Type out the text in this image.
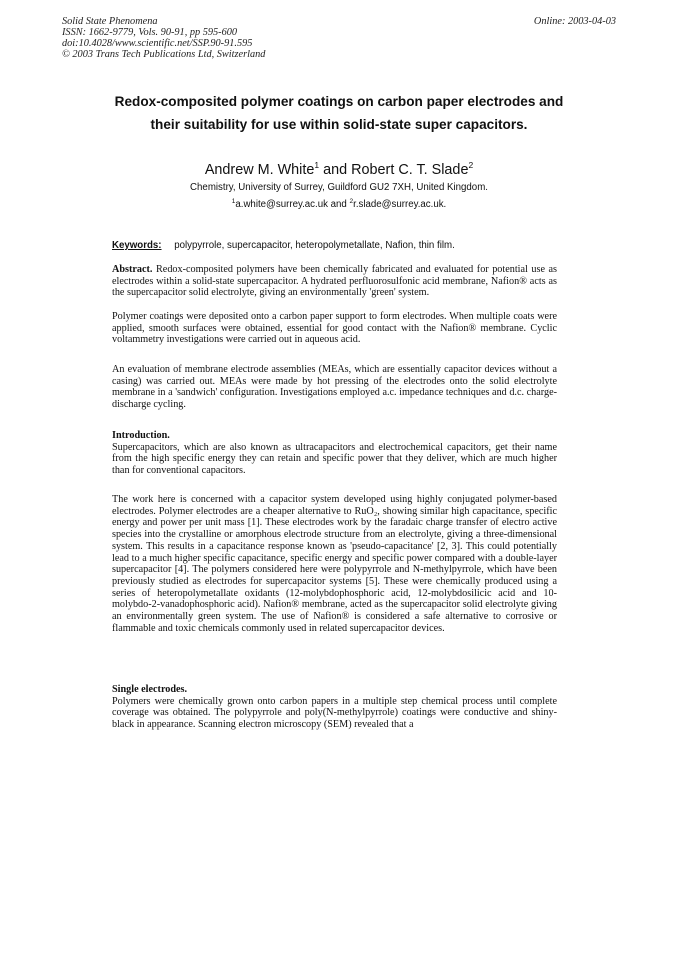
Solid State Phenomena
ISSN: 1662-9779, Vols. 90-91, pp 595-600
doi:10.4028/www.scientific.net/SSP.90-91.595
© 2003 Trans Tech Publications Ltd, Switzerland
Online: 2003-04-03
Redox-composited polymer coatings on carbon paper electrodes and
their suitability for use within solid-state super capacitors.
Andrew M. White$^1$ and Robert C. T. Slade$^2$
Chemistry, University of Surrey, Guildford GU2 7XH, United Kingdom.
$^1$a.white@surrey.ac.uk and $^2$r.slade@surrey.ac.uk.
Keywords: polypyrrole, supercapacitor, heteropolymetallate, Nafion, thin film.

Abstract. Redox-composited polymers have been chemically fabricated and evaluated for potential use as electrodes within a solid-state supercapacitor. A hydrated perfluorosulfonic acid membrane, Nafion® acts as the supercapacitor solid electrolyte, giving an environmentally 'green' system.

Polymer coatings were deposited onto a carbon paper support to form electrodes. When multiple coats were applied, smooth surfaces were obtained, essential for good contact with the Nafion® membrane. Cyclic voltammetry investigations were carried out in aqueous acid.

An evaluation of membrane electrode assemblies (MEAs, which are essentially capacitor devices without a casing) was carried out. MEAs were made by hot pressing of the electrodes onto the solid electrolyte membrane in a 'sandwich' configuration. Investigations employed a.c. impedance techniques and d.c. charge-discharge cycling.

Introduction.

Supercapacitors, which are also known as ultracapacitors and electrochemical capacitors, get their name from the high specific energy they can retain and specific power that they deliver, which are much higher than for conventional capacitors.

The work here is concerned with a capacitor system developed using highly conjugated polymer-based electrodes. Polymer electrodes are a cheaper alternative to RuO₂, showing similar high capacitance, specific energy and power per unit mass [1]. These electrodes work by the faradaic charge transfer of electro active species into the crystalline or amorphous electrode structure from an electrolyte, giving a three-dimensional system. This results in a capacitance response known as 'pseudo-capacitance' [2, 3]. This could potentially lead to a much higher specific capacitance, specific energy and specific power compared with a double-layer supercapacitor [4]. The polymers considered here were polypyrrole and N-methylpyrrole, which have been previously studied as electrodes for supercapacitor systems [5]. These were chemically produced using a series of heteropolymetallate oxidants (12-molybdophosphoric acid, 12-molybdosilicic acid and 10-molybdo-2-vanadophosphoric acid). Nafion® membrane, acted as the supercapacitor solid electrolyte giving an environmentally green system. The use of Nafion® is considered a safe alternative to corrosive or flammable and toxic chemicals commonly used in related supercapacitor devices.

Single electrodes.

Polymers were chemically grown onto carbon papers in a multiple step chemical process until complete coverage was obtained. The polypyrrole and poly(N-methylpyrrole) coatings were conductive and shiny-black in appearance. Scanning electron microscopy (SEM) revealed that a
